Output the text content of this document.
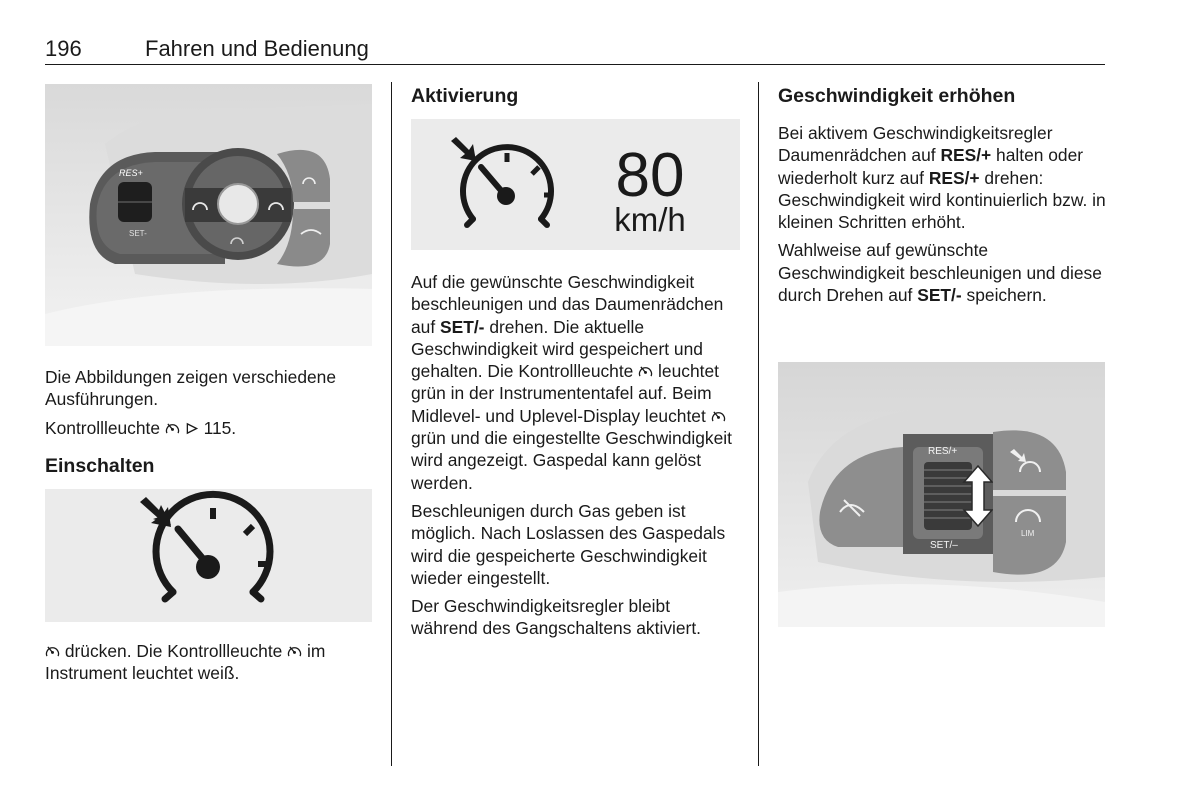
196	Fahren und Bedienung
RES+
SET-

Die Abbildungen zeigen verschiedene Ausführungen.

Kontrollleuchte	115.

Einschalten

drücken. Die Kontrollleuchte im Instrument leuchtet weiß.

Aktivierung
80
km/h

Auf die gewünschte Geschwindigkeit beschleunigen und das Daumenrädchen auf SET/- drehen. Die aktuelle Geschwindigkeit wird gespeichert und gehalten. Die Kontrollleuchte leuchtet grün in der Instrumententafel auf. Beim Midlevel- und Uplevel-Display leuchtet  grün und die eingestellte Geschwindigkeit wird angezeigt. Gaspedal kann gelöst werden.

Beschleunigen durch Gas geben ist möglich. Nach Loslassen des Gaspedals wird die gespeicherte Geschwindigkeit wieder eingestellt.

Der Geschwindigkeitsregler bleibt während des Gangschaltens aktiviert.

Geschwindigkeit erhöhen

Bei aktivem Geschwindigkeitsregler Daumenrädchen auf RES/+ halten oder wiederholt kurz auf RES/+ drehen: Geschwindigkeit wird kontinuierlich bzw. in kleinen Schritten erhöht.

Wahlweise auf gewünschte Geschwindigkeit beschleunigen und diese durch Drehen auf SET/- speichern.

RES/+
SET/–
LIM
